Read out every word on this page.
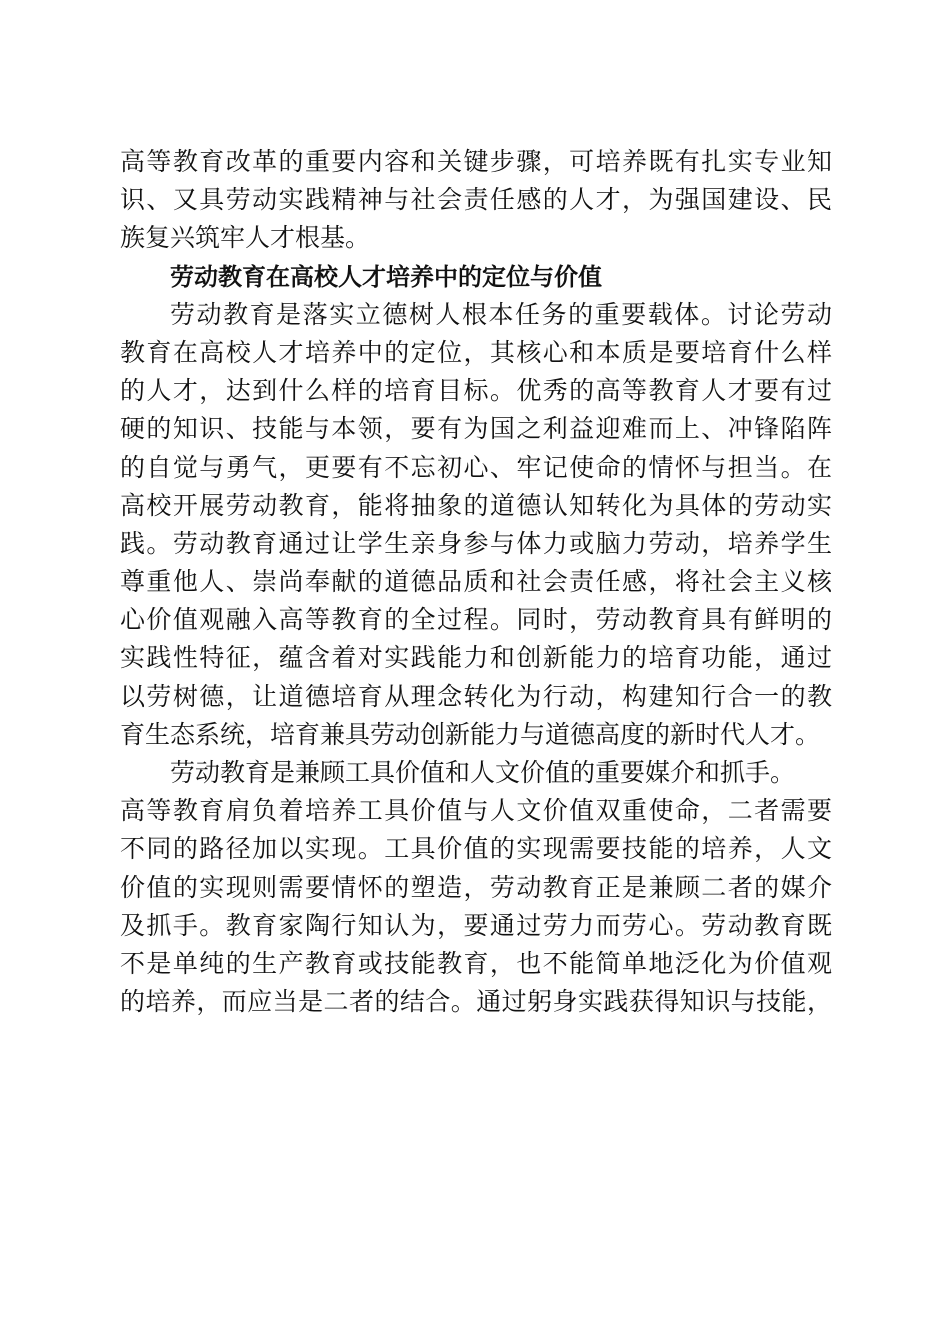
高等教育改革的重要内容和关键步骤，可培养既有扎实专业知
识、又具劳动实践精神与社会责任感的人才，为强国建设、民
族复兴筑牢人才根基。
劳动教育在高校人才培养中的定位与价值
劳动教育是落实立德树人根本任务的重要载体。讨论劳动
教育在高校人才培养中的定位，其核心和本质是要培育什么样
的人才，达到什么样的培育目标。优秀的高等教育人才要有过
硬的知识、技能与本领，要有为国之利益迎难而上、冲锋陷阵
的自觉与勇气，更要有不忘初心、牢记使命的情怀与担当。在
高校开展劳动教育，能将抽象的道德认知转化为具体的劳动实
践。劳动教育通过让学生亲身参与体力或脑力劳动，培养学生
尊重他人、崇尚奉献的道德品质和社会责任感，将社会主义核
心价值观融入高等教育的全过程。同时，劳动教育具有鲜明的
实践性特征，蕴含着对实践能力和创新能力的培育功能，通过
以劳树德，让道德培育从理念转化为行动，构建知行合一的教
育生态系统，培育兼具劳动创新能力与道德高度的新时代人才。
劳动教育是兼顾工具价值和人文价值的重要媒介和抓手。
高等教育肩负着培养工具价值与人文价值双重使命，二者需要
不同的路径加以实现。工具价值的实现需要技能的培养，人文
价值的实现则需要情怀的塑造，劳动教育正是兼顾二者的媒介
及抓手。教育家陶行知认为，要通过劳力而劳心。劳动教育既
不是单纯的生产教育或技能教育，也不能简单地泛化为价值观
的培养，而应当是二者的结合。通过躬身实践获得知识与技能，
